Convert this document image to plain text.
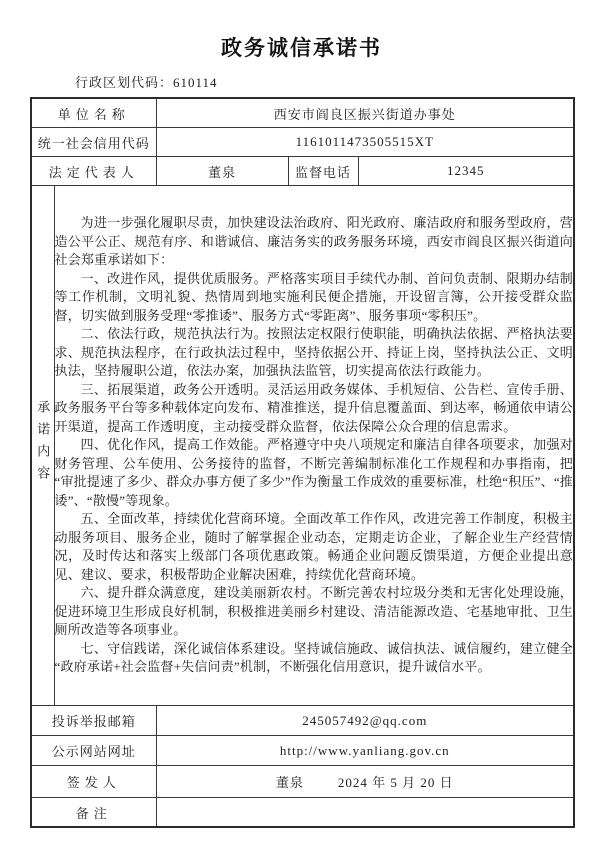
政务诚信承诺书
行政区划代码：610114
单位名称		西安市阎良区振兴街道办事处		
统一社会信用代码		1161011473505515XT		
法定代表人		董泉	监督电话	12345
承诺内容	

为进一步强化履职尽责，加快建设法治政府、阳光政府、廉洁政府和服务型政府，营造公平公正、规范有序、和谐诚信、廉洁务实的政务服务环境，西安市阎良区振兴街道向社会郑重承诺如下：

一、改进作风，提供优质服务。严格落实项目手续代办制、首问负责制、限期办结制等工作机制，文明礼貌、热情周到地实施利民便企措施，开设留言簿，公开接受群众监督，切实做到服务受理“零推诿”、服务方式“零距离”、服务事项“零积压”。

二、依法行政，规范执法行为。按照法定权限行使职能，明确执法依据、严格执法要求、规范执法程序，在行政执法过程中，坚持依据公开、持证上岗，坚持执法公正、文明执法，坚持履职公道，依法办案，加强执法监管，切实提高依法行政能力。

三、拓展渠道，政务公开透明。灵活运用政务媒体、手机短信、公告栏、宣传手册、政务服务平台等多种载体定向发布、精准推送，提升信息覆盖面、到达率，畅通依申请公开渠道，提高工作透明度，主动接受群众监督，依法保障公众合理的信息需求。

四、优化作风，提高工作效能。严格遵守中央八项规定和廉洁自律各项要求，加强对财务管理、公车使用、公务接待的监督，不断完善编制标准化工作规程和办事指南，把“审批提速了多少、群众办事方便了多少”作为衡量工作成效的重要标准，杜绝“积压”、“推诿”、“散慢”等现象。

五、全面改革，持续优化营商环境。全面改革工作作风，改进完善工作制度，积极主动服务项目、服务企业，随时了解掌握企业动态，定期走访企业，了解企业生产经营情况，及时传达和落实上级部门各项优惠政策。畅通企业问题反馈渠道，方便企业提出意见、建议、要求，积极帮助企业解决困难，持续优化营商环境。

六、提升群众满意度，建设美丽新农村。不断完善农村垃圾分类和无害化处理设施，促进环境卫生形成良好机制，积极推进美丽乡村建设、清洁能源改造、宅基地审批、卫生厕所改造等各项事业。

七、守信践诺，深化诚信体系建设。坚持诚信施政、诚信执法、诚信履约，建立健全“政府承诺+社会监督+失信问责”机制，不断强化信用意识，提升诚信水平。

投诉举报邮箱		245057492@qq.com		
公示网站网址		http://www.yanliang.gov.cn		
签发人		董泉 2024 年 5 月 20 日		
备注				
